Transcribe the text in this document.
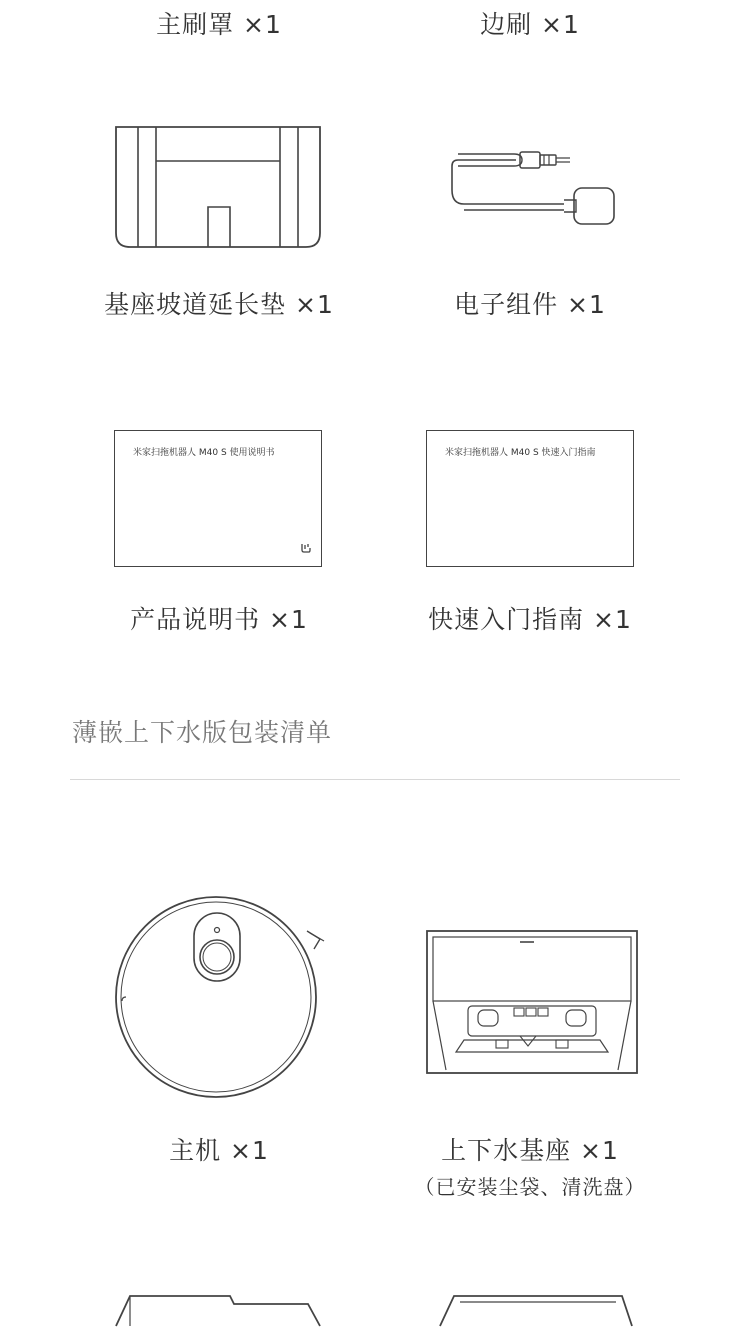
主刷罩 ×1	边刷 ×1
基座坡道延长垫 ×1	电子组件 ×1
米家扫拖机器人 M40 S 使用说明书	米家扫拖机器人 M40 S 快速入门指南
产品说明书 ×1	快速入门指南 ×1
薄嵌上下水版包装清单
主机 ×1	上下水基座 ×1
（已安装尘袋、清洗盘）
